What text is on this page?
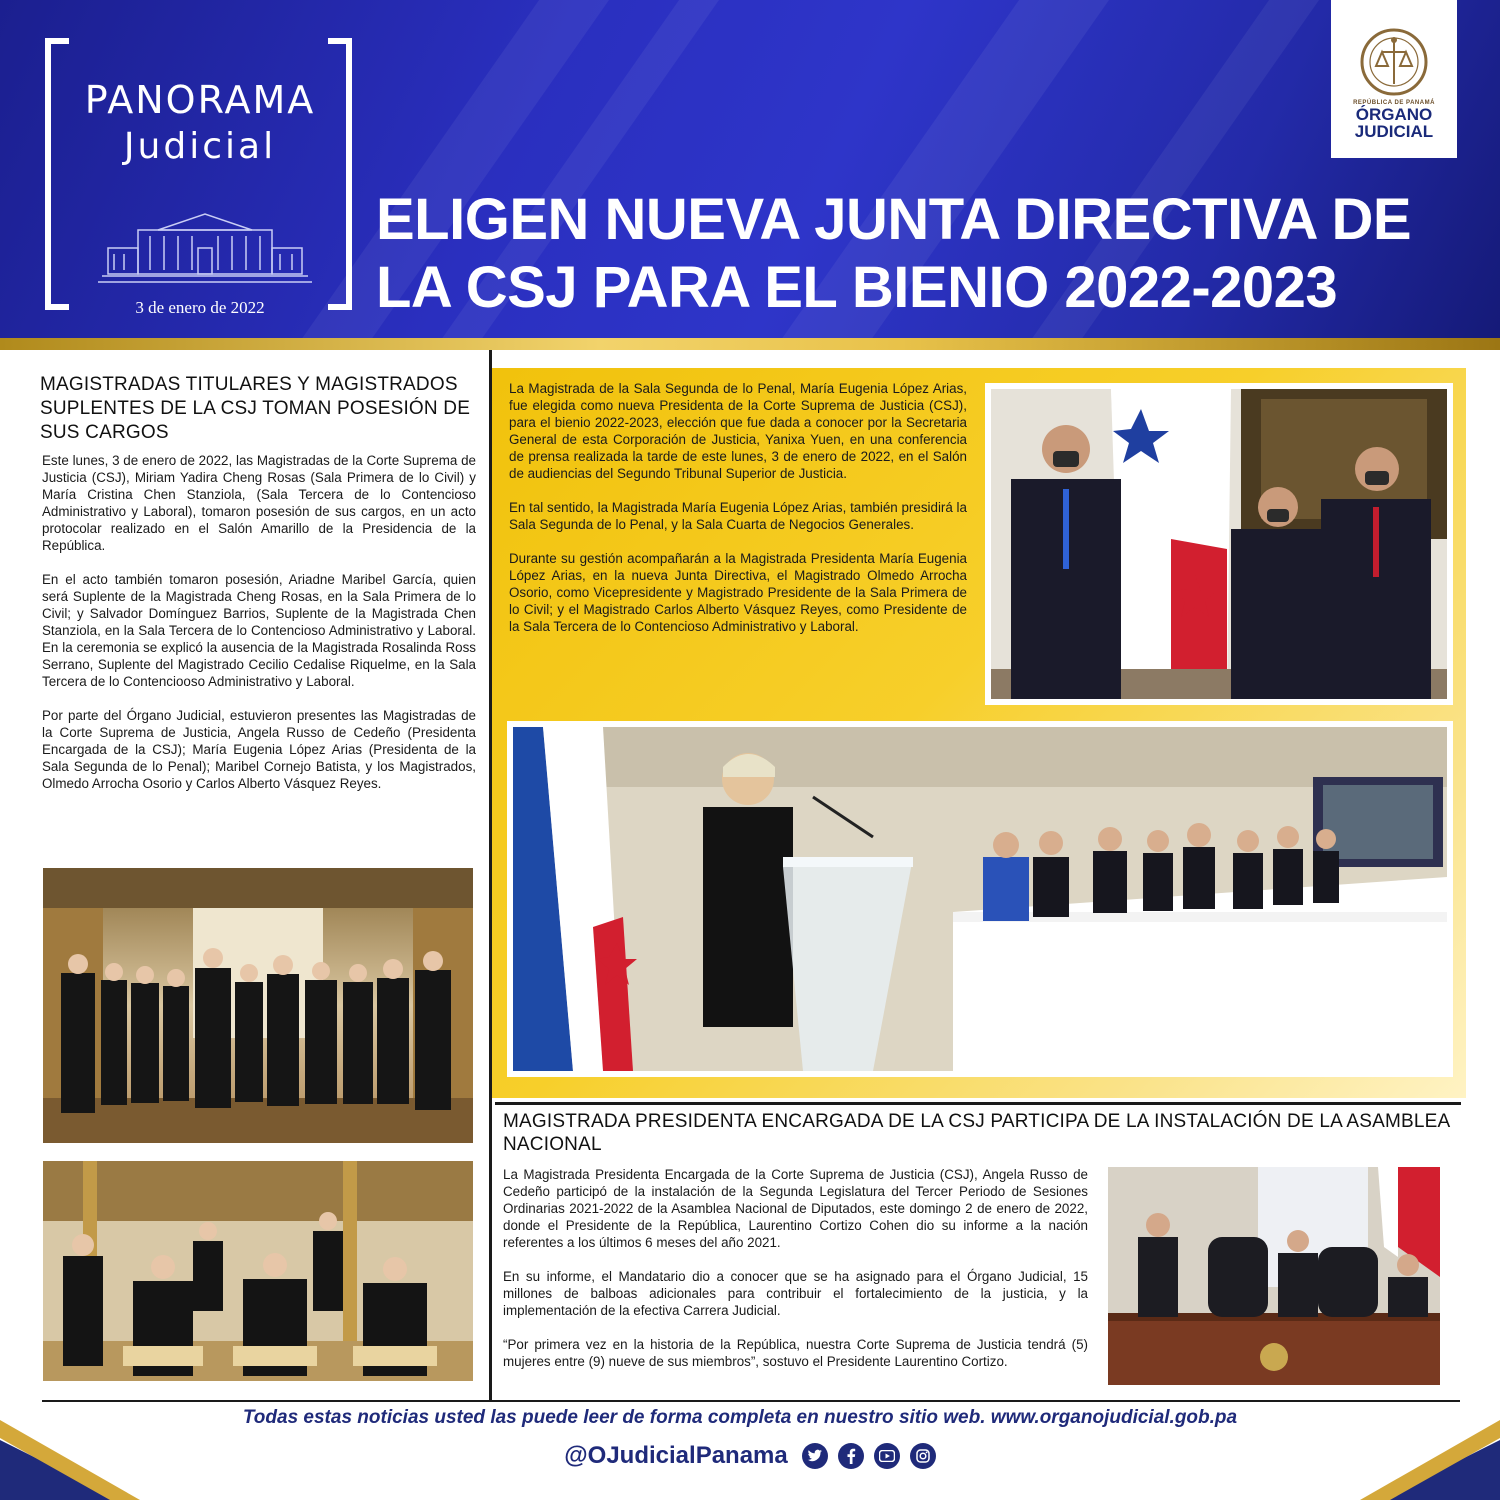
PANORAMA
Judicial
3 de enero de 2022
ELIGEN NUEVA JUNTA DIRECTIVA DE
LA CSJ PARA EL BIENIO 2022-2023
REPÚBLICA DE PANAMÁ
ÓRGANO
JUDICIAL
MAGISTRADAS TITULARES Y MAGISTRADOS SUPLENTES DE LA CSJ TOMAN POSESIÓN DE SUS CARGOS

Este lunes, 3 de enero de 2022, las Magistradas de la Corte Suprema de Justicia (CSJ), Miriam Yadira Cheng Rosas (Sala Primera de lo Civil) y María Cristina Chen Stanziola, (Sala Tercera de lo Contencioso Administrativo y Laboral), tomaron posesión de sus cargos, en un acto protocolar realizado en el Salón Amarillo de la Presidencia de la República.

En el acto también tomaron posesión, Ariadne Maribel García, quien será Suplente de la Magistrada Cheng Rosas, en la Sala Primera de lo Civil; y Salvador Domínguez Barrios, Suplente de la Magistrada Chen Stanziola, en la Sala Tercera de lo Contencioso Administrativo y Laboral. En la ceremonia se explicó la ausencia de la Magistrada Rosalinda Ross Serrano, Suplente del Magistrado Cecilio Cedalise Riquelme, en la Sala Tercera de lo Contenciooso Administrativo y Laboral.

Por parte del Órgano Judicial, estuvieron presentes las Magistradas de la Corte Suprema de Justicia, Angela Russo de Cedeño (Presidenta Encargada de la CSJ); María Eugenia López Arias (Presidenta de la Sala Segunda de lo Penal); Maribel Cornejo Batista, y los Magistrados, Olmedo Arrocha Osorio y Carlos Alberto Vásquez Reyes.

La Magistrada de la Sala Segunda de lo Penal, María Eugenia López Arias, fue elegida como nueva Presidenta de la Corte Suprema de Justicia (CSJ), para el bienio 2022-2023, elección que fue dada a conocer por la Secretaria General de esta Corporación de Justicia, Yanixa Yuen, en una conferencia de prensa realizada la tarde de este lunes, 3 de enero de 2022, en el Salón de audiencias del Segundo Tribunal Superior de Justicia.

En tal sentido, la Magistrada María Eugenia López Arias, también presidirá la Sala Segunda de lo Penal, y la Sala Cuarta de Negocios Generales.

Durante su gestión acompañarán a la Magistrada Presidenta María Eugenia López Arias, en la nueva Junta Directiva, el Magistrado Olmedo Arrocha Osorio, como Vicepresidente y Magistrado Presidente de la Sala Primera de lo Civil; y el Magistrado Carlos Alberto Vásquez Reyes, como Presidente de la Sala Tercera de lo Contencioso Administrativo y Laboral.

MAGISTRADA PRESIDENTA ENCARGADA DE LA CSJ PARTICIPA DE LA INSTALACIÓN DE LA ASAMBLEA NACIONAL

La Magistrada Presidenta Encargada de la Corte Suprema de Justicia (CSJ), Angela Russo de Cedeño participó de la instalación de la Segunda Legislatura del Tercer Periodo de Sesiones Ordinarias 2021-2022 de la Asamblea Nacional de Diputados, este domingo 2 de enero de 2022, donde el Presidente de la República, Laurentino Cortizo Cohen dio su informe a la nación referentes a los últimos 6 meses del año 2021.

En su informe, el Mandatario dio a conocer que se ha asignado para el Órgano Judicial, 15 millones de balboas adicionales para contribuir el fortalecimiento de la justicia, y la implementación de la efectiva Carrera Judicial.

“Por primera vez en la historia de la República, nuestra Corte Suprema de Justicia tendrá (5) mujeres entre (9) nueve de sus miembros”, sostuvo el Presidente Laurentino Cortizo.

Todas estas noticias usted las puede leer de forma completa en nuestro sitio web. www.organojudicial.gob.pa
@OJudicialPanama
